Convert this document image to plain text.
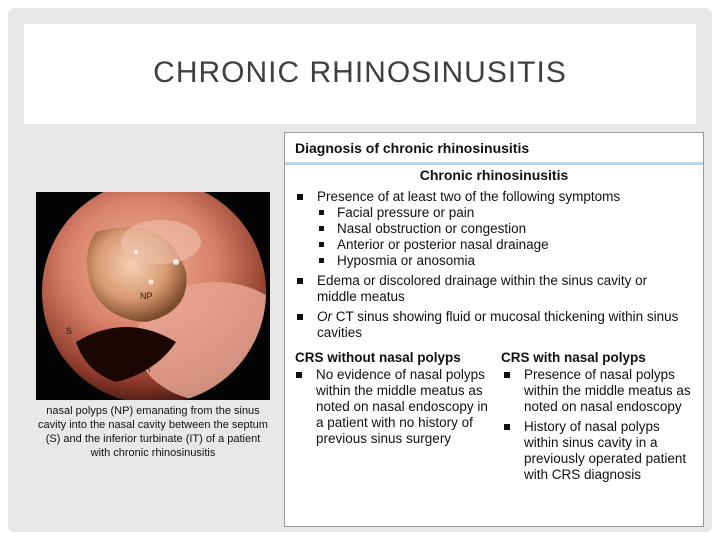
CHRONIC RHINOSINUSITIS
NP
S
IT
nasal polyps (NP) emanating from the sinus cavity into the nasal cavity between the septum (S) and the inferior turbinate (IT) of a patient with chronic rhinosinusitis
Diagnosis of chronic rhinosinusitis
Chronic rhinosinusitis
Presence of at least two of the following symptoms
Facial pressure or pain
Nasal obstruction or congestion
Anterior or posterior nasal drainage
Hyposmia or anosomia
Edema or discolored drainage within the sinus cavity or middle meatus
Or CT sinus showing fluid or mucosal thickening within sinus cavities
CRS without nasal polyps
No evidence of nasal polyps within the middle meatus as noted on nasal endoscopy in a patient with no history of previous sinus surgery
CRS with nasal polyps
Presence of nasal polyps within the middle meatus as noted on nasal endoscopy
History of nasal polyps within sinus cavity in a previously operated patient with CRS diagnosis
